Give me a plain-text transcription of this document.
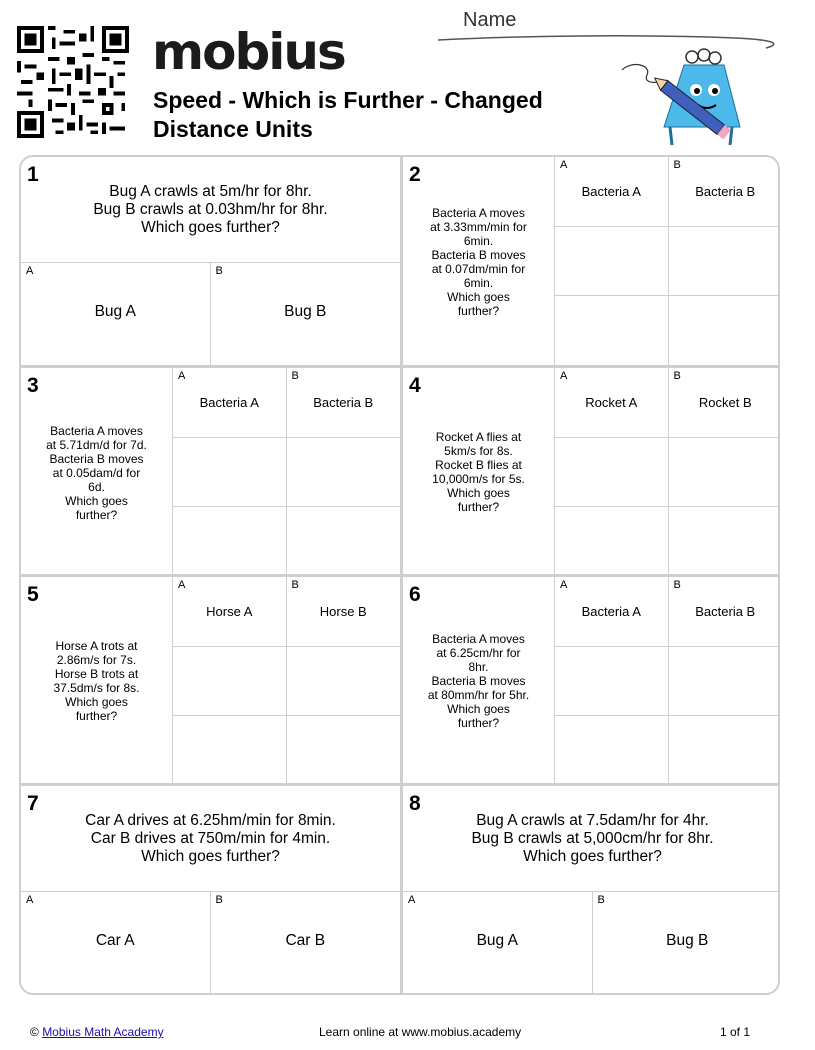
mobius
Speed - Which is Further - Changed Distance Units
Name
1
Bug A crawls at 5m/hr for 8hr.
Bug B crawls at 0.03hm/hr for 8hr.
Which goes further?
A
Bug A
B
Bug B
2
Bacteria A moves
at 3.33mm/min for
6min.
Bacteria B moves
at 0.07dm/min for
6min.
Which goes
further?
A
Bacteria A
B
Bacteria B
3
Bacteria A moves
at 5.71dm/d for 7d.
Bacteria B moves
at 0.05dam/d for
6d.
Which goes
further?
A
Bacteria A
B
Bacteria B
4
Rocket A flies at
5km/s for 8s.
Rocket B flies at
10,000m/s for 5s.
Which goes
further?
A
Rocket A
B
Rocket B
5
Horse A trots at
2.86m/s for 7s.
Horse B trots at
37.5dm/s for 8s.
Which goes
further?
A
Horse A
B
Horse B
6
Bacteria A moves
at 6.25cm/hr for
8hr.
Bacteria B moves
at 80mm/hr for 5hr.
Which goes
further?
A
Bacteria A
B
Bacteria B
7
Car A drives at 6.25hm/min for 8min.
Car B drives at 750m/min for 4min.
Which goes further?
A
Car A
B
Car B
8
Bug A crawls at 7.5dam/hr for 4hr.
Bug B crawls at 5,000cm/hr for 8hr.
Which goes further?
A
Bug A
B
Bug B
© Mobius Math Academy	Learn online at www.mobius.academy	1 of 1
